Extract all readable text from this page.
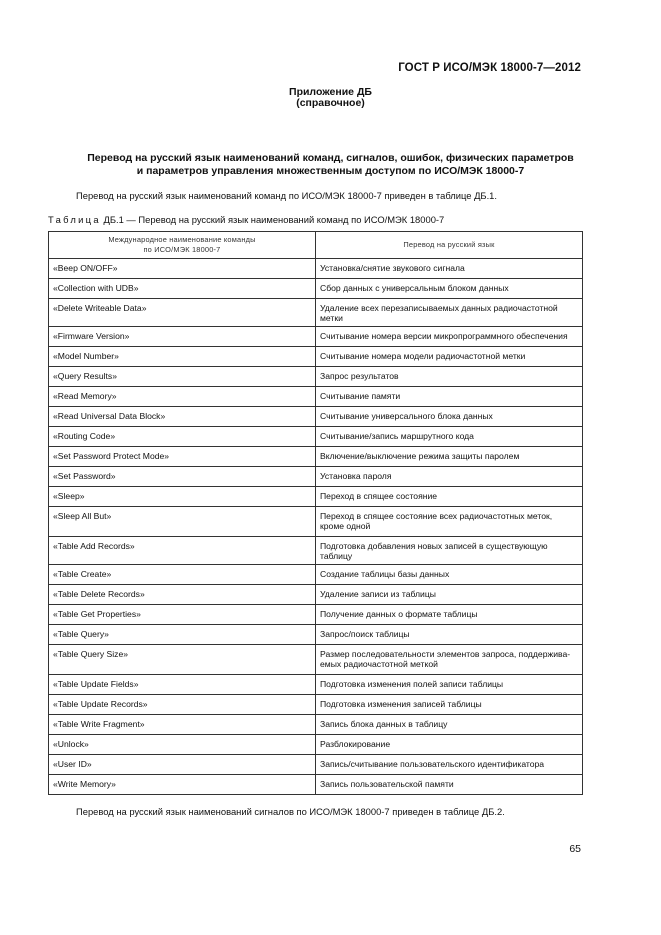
ГОСТ Р ИСО/МЭК 18000-7—2012
Приложение ДБ
(справочное)
Перевод на русский язык наименований команд, сигналов, ошибок, физических параметров
и параметров управления множественным доступом по ИСО/МЭК 18000-7
Перевод на русский язык наименований команд по ИСО/МЭК 18000-7 приведен в таблице ДБ.1.
Таблица ДБ.1 — Перевод на русский язык наименований команд по ИСО/МЭК 18000-7
Международное наименование команды
по ИСО/МЭК 18000-7	Перевод на русский язык
«Beep ON/OFF»	Установка/снятие звукового сигнала
«Collection with UDB»	Сбор данных с универсальным блоком данных
«Delete Writeable Data»	Удаление всех перезаписываемых данных радиочастотной метки
«Firmware Version»	Считывание номера версии микропрограммного обеспечения
«Model Number»	Считывание номера модели радиочастотной метки
«Query Results»	Запрос результатов
«Read Memory»	Считывание памяти
«Read Universal Data Block»	Считывание универсального блока данных
«Routing Code»	Считывание/запись маршрутного кода
«Set Password Protect Mode»	Включение/выключение режима защиты паролем
«Set Password»	Установка пароля
«Sleep»	Переход в спящее состояние
«Sleep All But»	Переход в спящее состояние всех радиочастотных меток, кроме одной
«Table Add Records»	Подготовка добавления новых записей в существующую таблицу
«Table Create»	Создание таблицы базы данных
«Table Delete Records»	Удаление записи из таблицы
«Table Get Properties»	Получение данных о формате таблицы
«Table Query»	Запрос/поиск таблицы
«Table Query Size»	Размер последовательности элементов запроса, поддержива-емых радиочастотной меткой
«Table Update Fields»	Подготовка изменения полей записи таблицы
«Table Update Records»	Подготовка изменения записей таблицы
«Table Write Fragment»	Запись блока данных в таблицу
«Unlock»	Разблокирование
«User ID»	Запись/считывание пользовательского идентификатора
«Write Memory»	Запись пользовательской памяти
Перевод на русский язык наименований сигналов по ИСО/МЭК 18000-7 приведен в таблице ДБ.2.
65
